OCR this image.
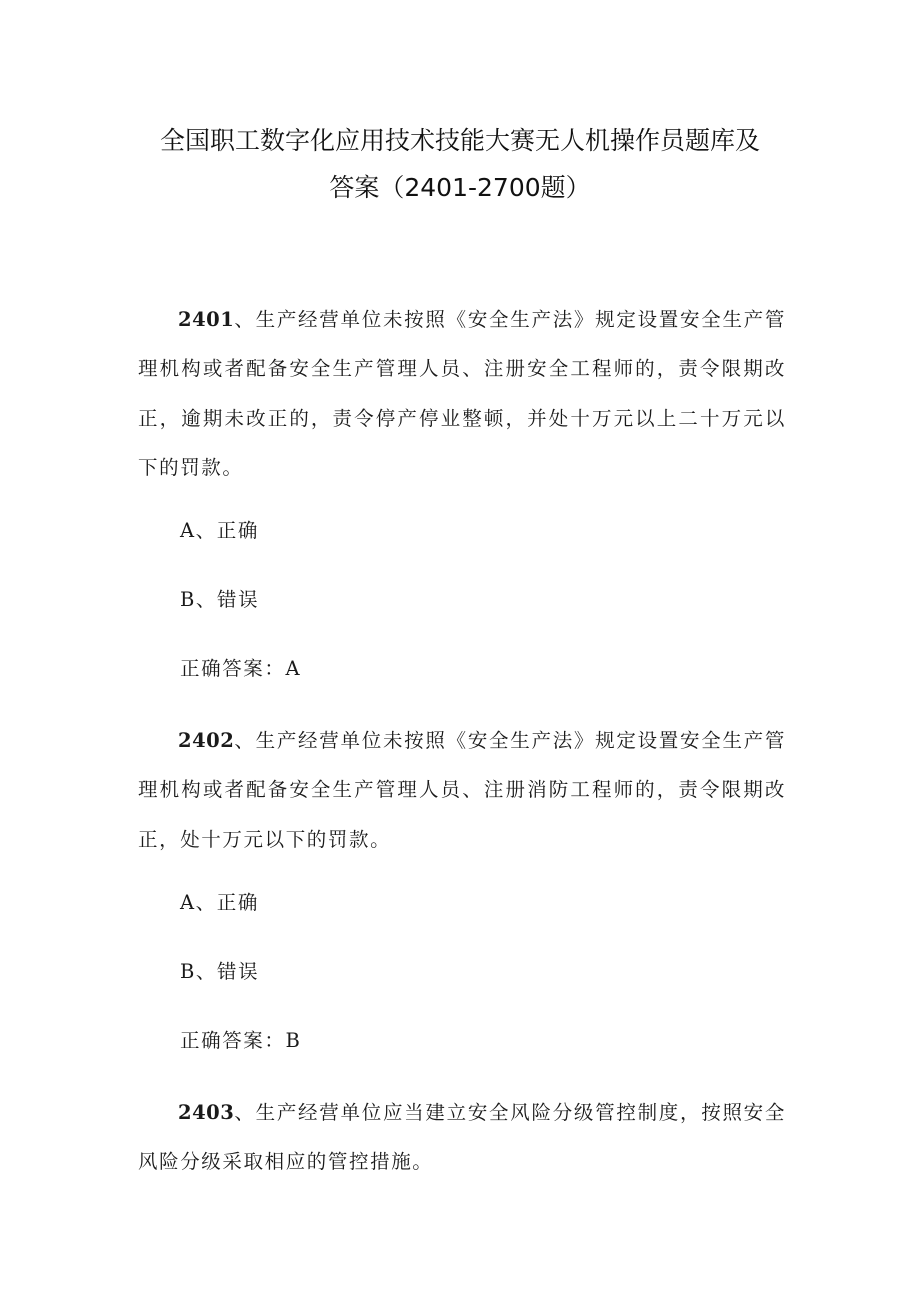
全国职工数字化应用技术技能大赛无人机操作员题库及
答案（2401-2700题）
2401、生产经营单位未按照《安全生产法》规定设置安全生产管理机构或者配备安全生产管理人员、注册安全工程师的，责令限期改正，逾期未改正的，责令停产停业整顿，并处十万元以上二十万元以下的罚款。
A、正确
B、错误
正确答案：A
2402、生产经营单位未按照《安全生产法》规定设置安全生产管理机构或者配备安全生产管理人员、注册消防工程师的，责令限期改正，处十万元以下的罚款。
A、正确
B、错误
正确答案：B
2403、生产经营单位应当建立安全风险分级管控制度，按照安全风险分级采取相应的管控措施。
